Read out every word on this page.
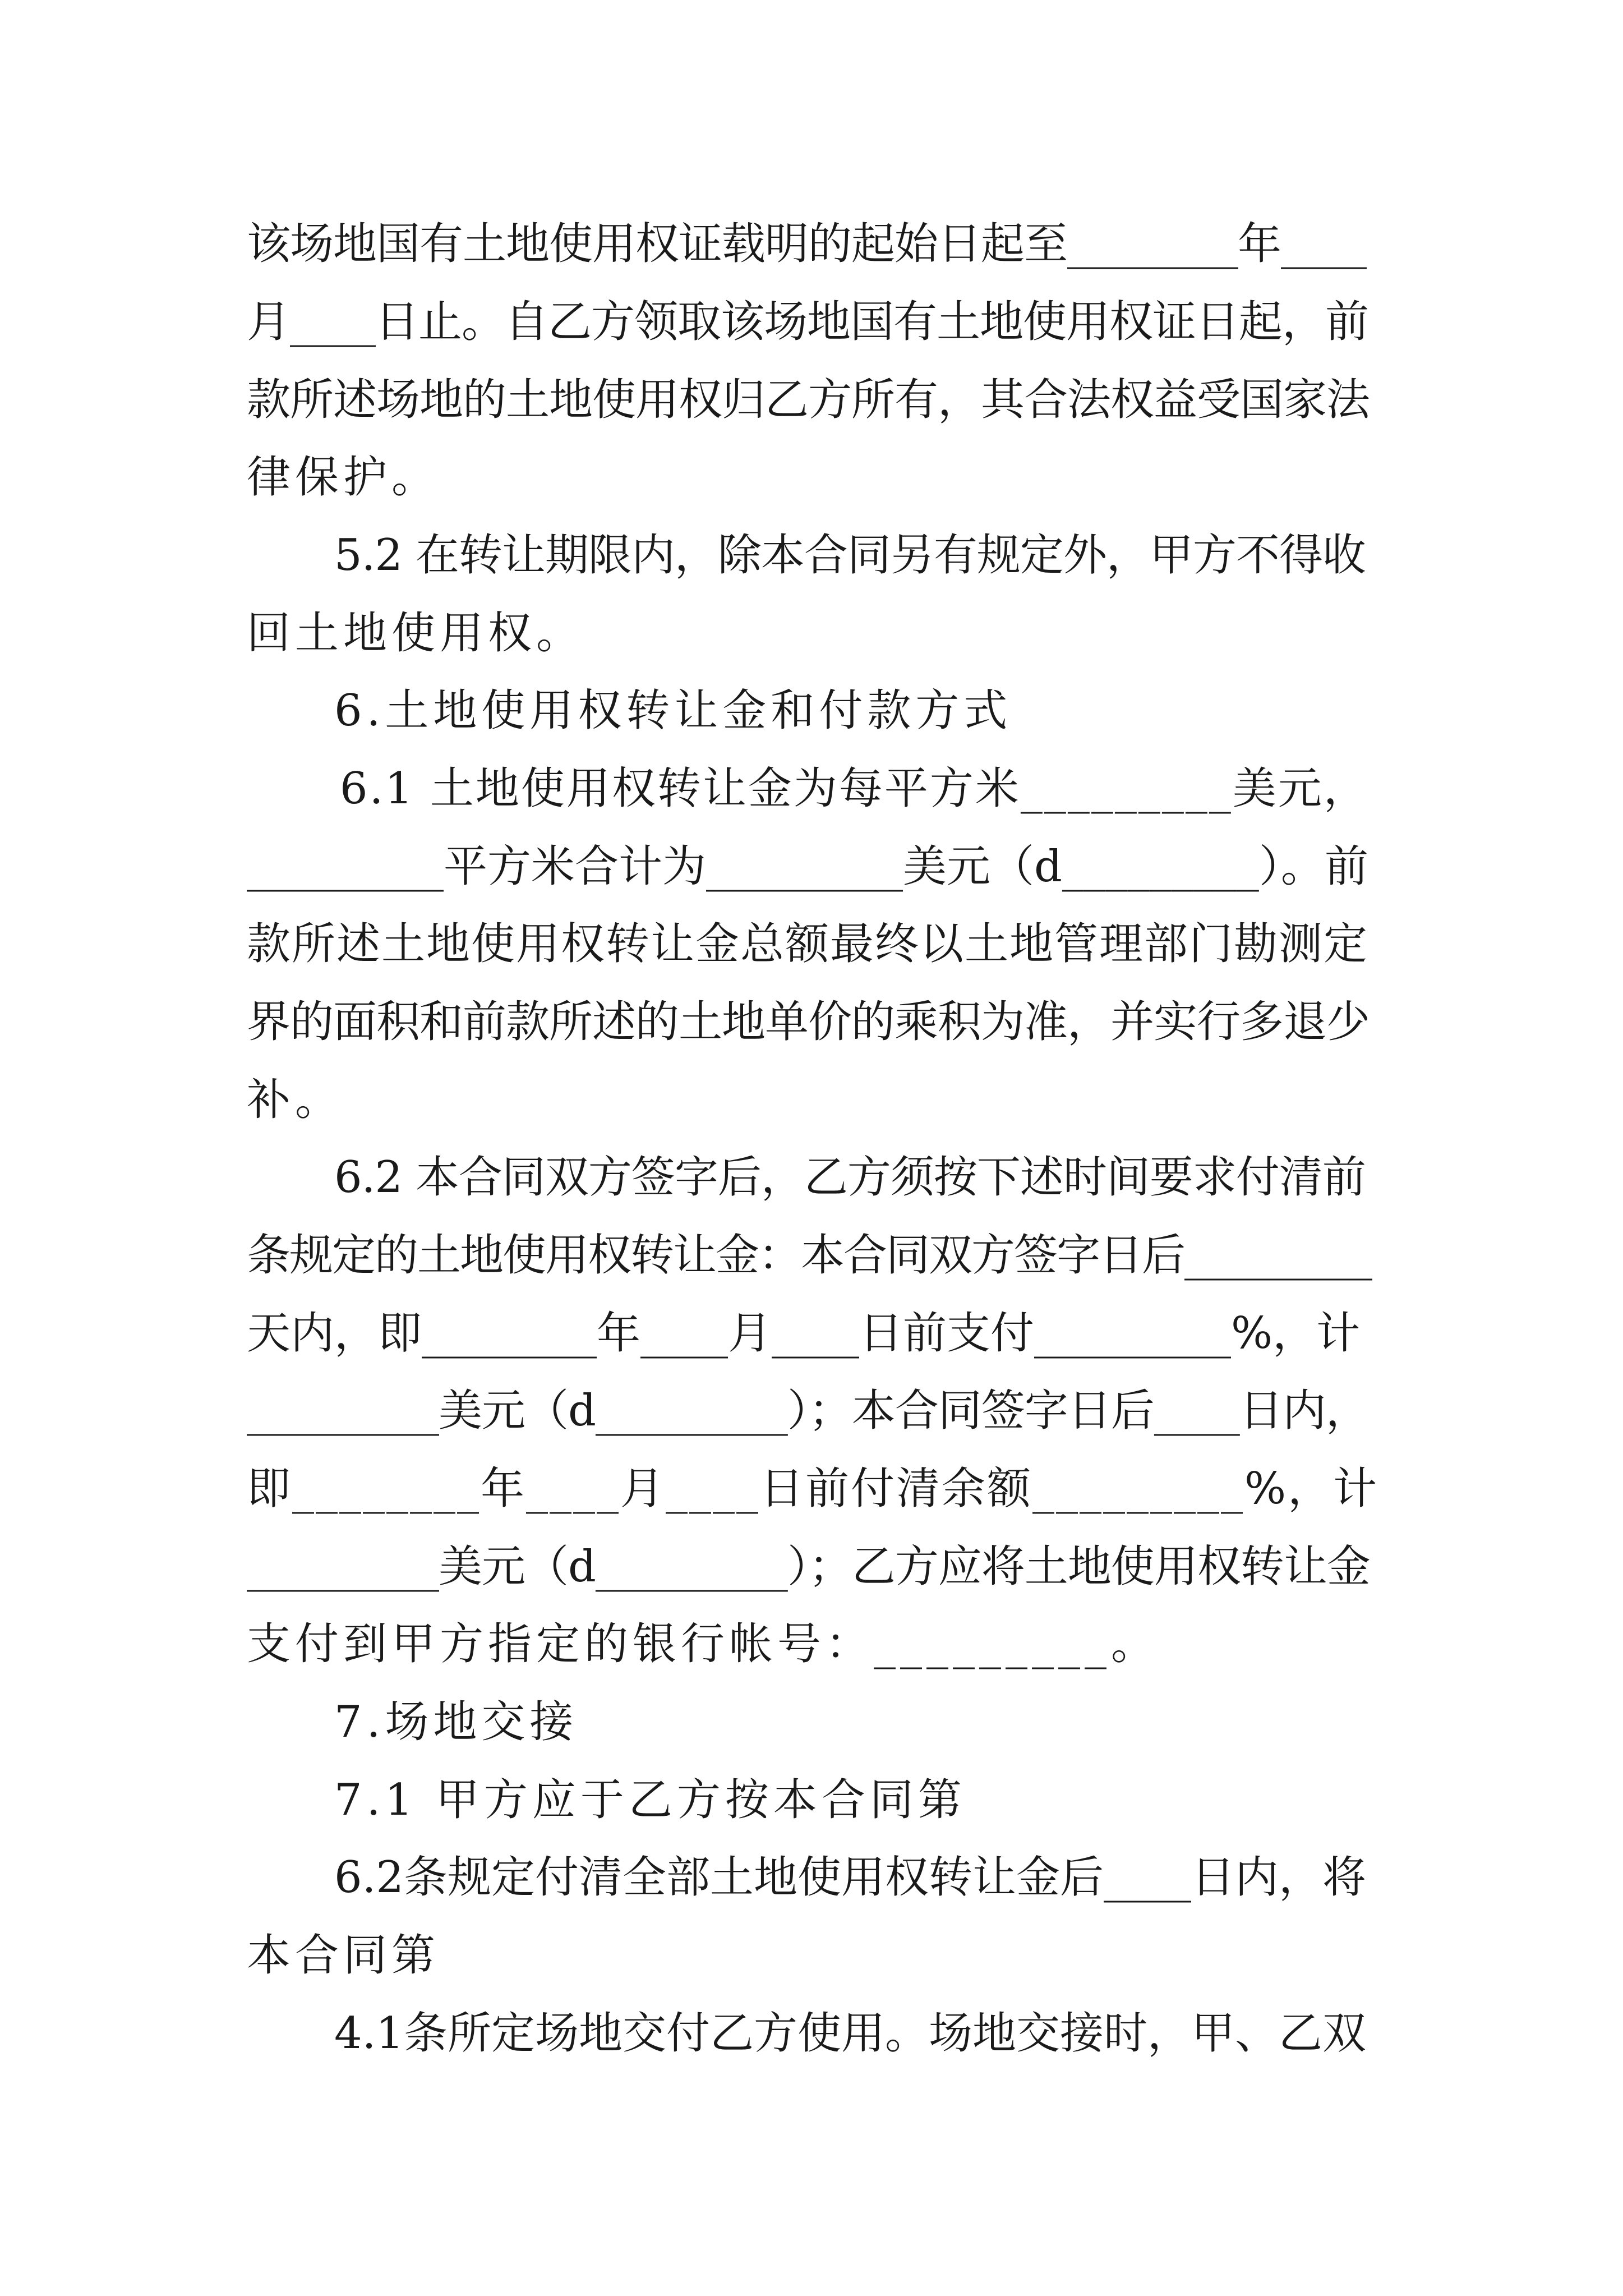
该场地国有土地使用权证载明的起始日起至________年____
月____日止。自乙方领取该场地国有土地使用权证日起，前
款所述场地的土地使用权归乙方所有，其合法权益受国家法
律保护。
5.2 在转让期限内，除本合同另有规定外，甲方不得收
回土地使用权。
6.土地使用权转让金和付款方式
6.1 土地使用权转让金为每平方米_________美元，
_________平方米合计为_________美元（d_________）。前
款所述土地使用权转让金总额最终以土地管理部门勘测定
界的面积和前款所述的土地单价的乘积为准，并实行多退少
补。
6.2 本合同双方签字后，乙方须按下述时间要求付清前
条规定的土地使用权转让金：本合同双方签字日后_________
天内，即________年____月____日前支付_________%，计
_________美元（d_________）；本合同签字日后____日内，
即________年____月____日前付清余额_________%，计
_________美元（d_________）；乙方应将土地使用权转让金
支付到甲方指定的银行帐号：_________。
7.场地交接
7.1 甲方应于乙方按本合同第
6.2条规定付清全部土地使用权转让金后____日内，将
本合同第
4.1条所定场地交付乙方使用。场地交接时，甲、乙双
